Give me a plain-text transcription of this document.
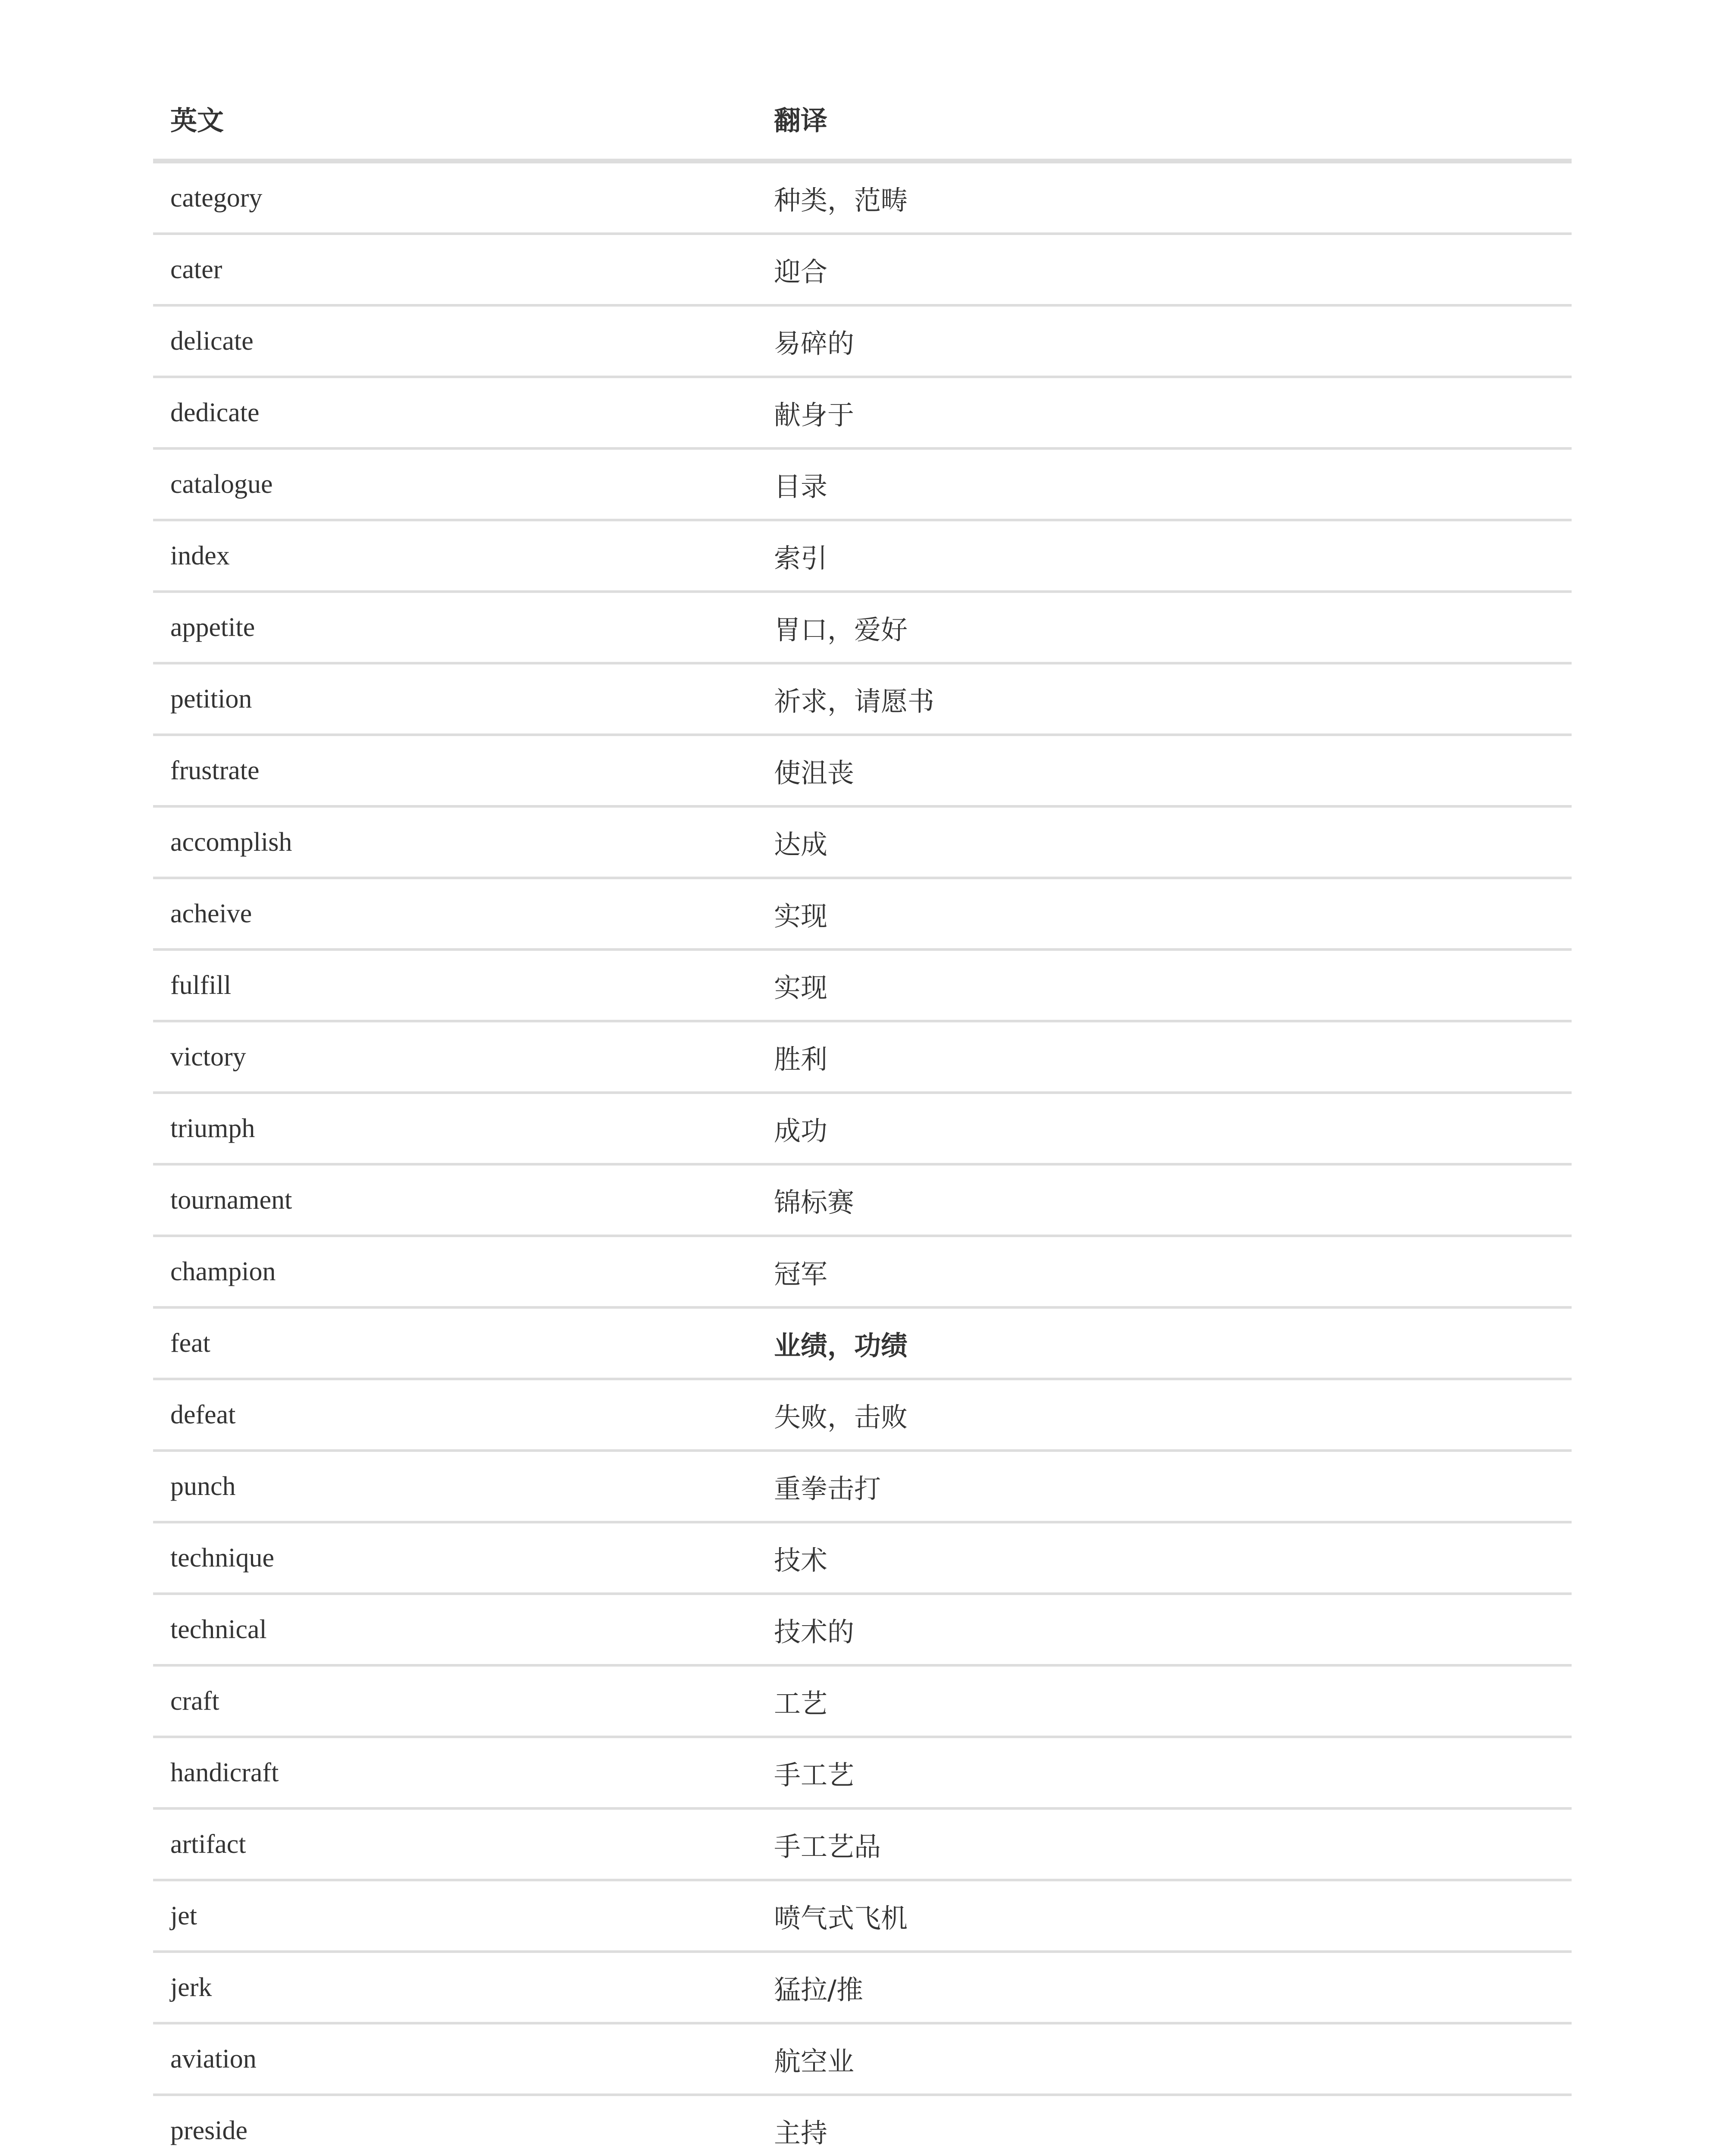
英文	翻译
category	种类，范畴
cater	迎合
delicate	易碎的
dedicate	献身于
catalogue	目录
index	索引
appetite	胃口，爱好
petition	祈求，请愿书
frustrate	使沮丧
accomplish	达成
acheive	实现
fulfill	实现
victory	胜利
triumph	成功
tournament	锦标赛
champion	冠军
feat	业绩，功绩
defeat	失败，击败
punch	重拳击打
technique	技术
technical	技术的
craft	工艺
handicraft	手工艺
artifact	手工艺品
jet	喷气式飞机
jerk	猛拉/推
aviation	航空业
preside	主持
